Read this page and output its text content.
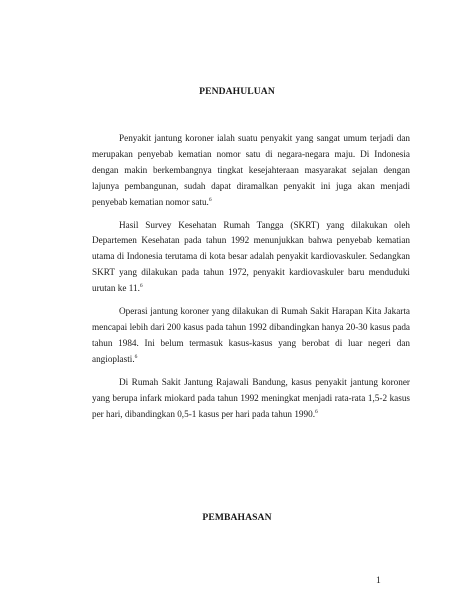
PENDAHULUAN

Penyakit jantung koroner ialah suatu penyakit yang sangat umum terjadi dan merupakan penyebab kematian nomor satu di negara-negara maju. Di Indonesia dengan makin berkembangnya tingkat kesejahteraan masyarakat sejalan dengan lajunya pembangunan, sudah dapat diramalkan penyakit ini juga akan menjadi penyebab kematian nomor satu.$^6$

Hasil Survey Kesehatan Rumah Tangga (SKRT) yang dilakukan oleh Departemen Kesehatan pada tahun 1992 menunjukkan bahwa penyebab kematian utama di Indonesia terutama di kota besar adalah penyakit kardiovaskuler. Sedangkan SKRT yang dilakukan pada tahun 1972, penyakit kardiovaskuler baru menduduki urutan ke 11.$^6$

Operasi jantung koroner yang dilakukan di Rumah Sakit Harapan Kita Jakarta mencapai lebih dari 200 kasus pada tahun 1992 dibandingkan hanya 20-30 kasus pada tahun 1984. Ini belum termasuk kasus-kasus yang berobat di luar negeri dan angioplasti.$^6$

Di Rumah Sakit Jantung Rajawali Bandung, kasus penyakit jantung koroner yang berupa infark miokard pada tahun 1992 meningkat menjadi rata-rata 1,5-2 kasus per hari, dibandingkan 0,5-1 kasus per hari pada tahun 1990.$^6$

PEMBAHASAN
1
